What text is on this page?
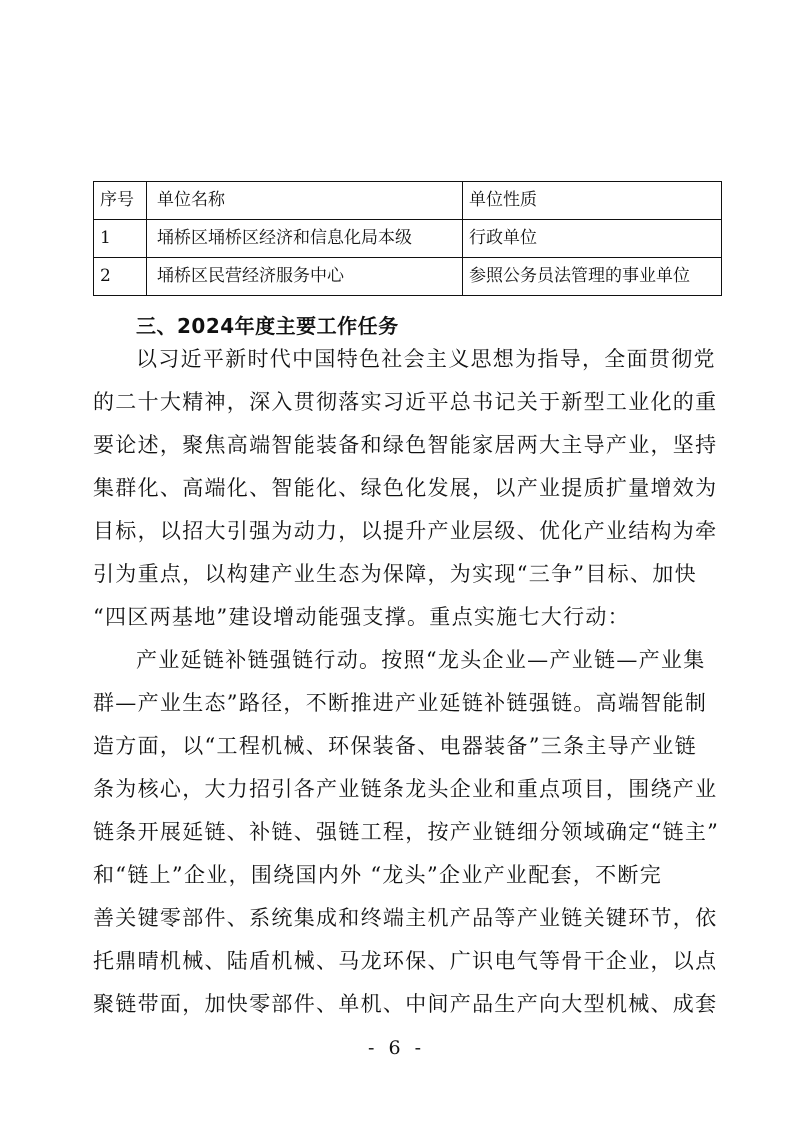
序号	单位名称	单位性质
1	埇桥区埇桥区经济和信息化局本级	行政单位
2	埇桥区民营经济服务中心	参照公务员法管理的事业单位
三、2024年度主要工作任务

以习近平新时代中国特色社会主义思想为指导，全面贯彻党

的二十大精神，深入贯彻落实习近平总书记关于新型工业化的重

要论述，聚焦高端智能装备和绿色智能家居两大主导产业，坚持

集群化、高端化、智能化、绿色化发展，以产业提质扩量增效为

目标，以招大引强为动力，以提升产业层级、优化产业结构为牵

引为重点，以构建产业生态为保障，为实现“三争”目标、加快

“四区两基地”建设增动能强支撑。重点实施七大行动：

产业延链补链强链行动。按照“龙头企业—产业链—产业集

群—产业生态”路径，不断推进产业延链补链强链。高端智能制

造方面，以“工程机械、环保装备、电器装备”三条主导产业链

条为核心，大力招引各产业链条龙头企业和重点项目，围绕产业

链条开展延链、补链、强链工程，按产业链细分领域确定“链主”

和“链上”企业，围绕国内外 “龙头”企业产业配套，不断完

善关键零部件、系统集成和终端主机产品等产业链关键环节，依

托鼎晴机械、陆盾机械、马龙环保、广识电气等骨干企业，以点

聚链带面，加快零部件、单机、中间产品生产向大型机械、成套

- 6 -
